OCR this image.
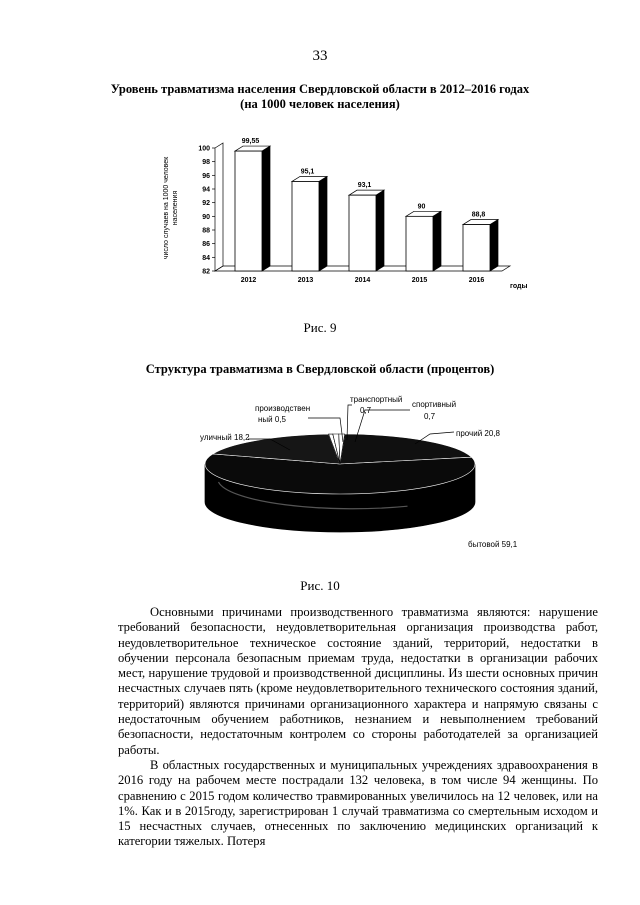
33
Уровень травматизма населения Свердловской области в 2012–2016 годах
(на 1000 человек населения)
82
84
86
88
90
92
94
96
98
100
99,55
2012
95,1
2013
93,1
2014
90
2015
88,8
2016
число случаев на 1000 человек населения
годы
Рис. 9
Структура травматизма в Свердловской области (процентов)
производствен
ный 0,5
транспортный
0,7
спортивный
0,7
уличный 18,2	прочий 20,8
бытовой 59,1
Рис. 10

Основными причинами производственного травматизма являются: нарушение требований безопасности, неудовлетворительная организация производства работ, неудовлетворительное техническое состояние зданий, территорий, недостатки в обучении персонала безопасным приемам труда, недостатки в организации рабочих мест, нарушение трудовой и производственной дисциплины. Из шести основных причин несчастных случаев пять (кроме неудовлетворительного технического состояния зданий, территорий) являются причинами организационного характера и напрямую связаны с недостаточным обучением работников, незнанием и невыполнением требований безопасности, недостаточным контролем со стороны работодателей за организацией работы.

В областных государственных и муниципальных учреждениях здравоохранения в 2016 году на рабочем месте пострадали 132 человека, в том числе 94 женщины. По сравнению с 2015 годом количество травмированных увеличилось на 12 человек, или на 1%. Как и в 2015году, зарегистрирован 1 случай травматизма со смертельным исходом и 15 несчастных случаев, отнесенных по заключению медицинских организаций к категории тяжелых. Потеря
